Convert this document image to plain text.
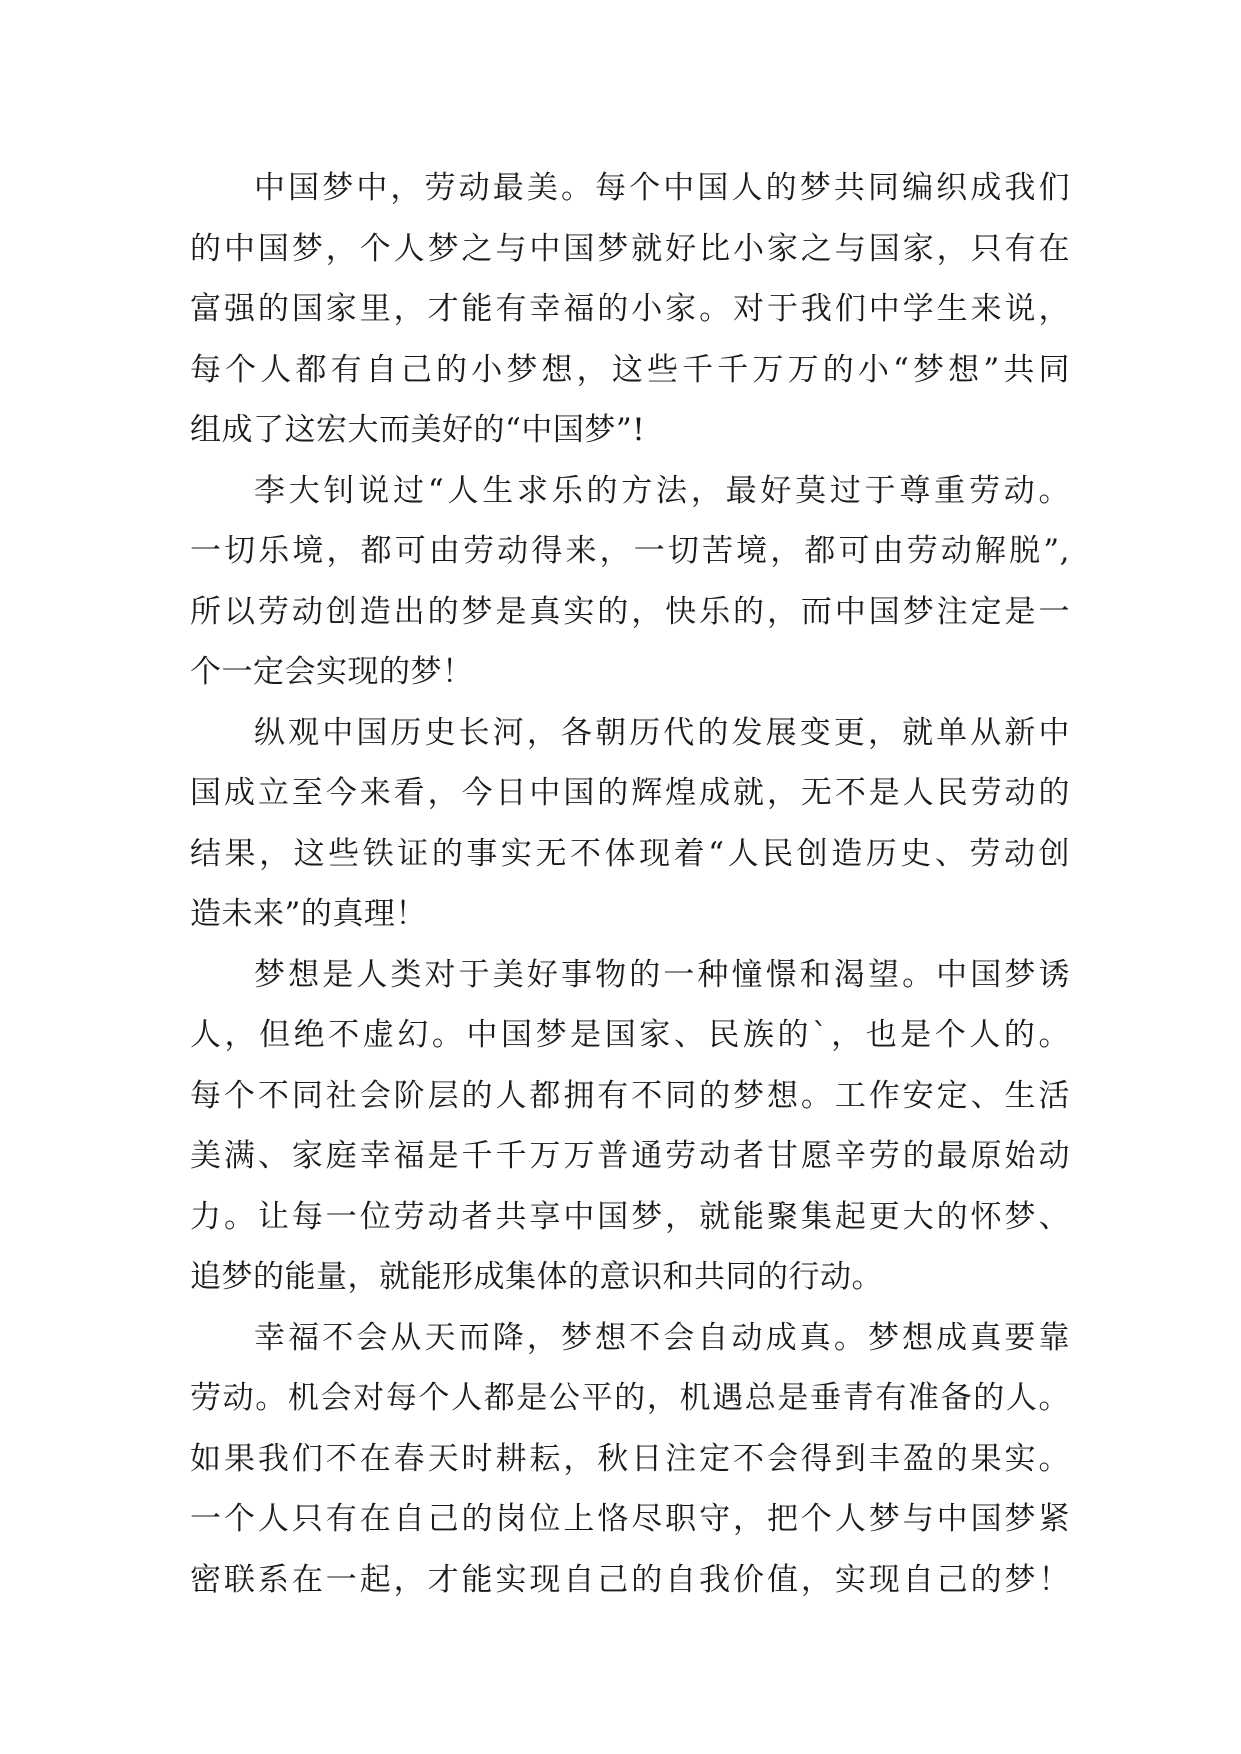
中国梦中，劳动最美。每个中国人的梦共同编织成我们
的中国梦，个人梦之与中国梦就好比小家之与国家，只有在
富强的国家里，才能有幸福的小家。对于我们中学生来说，
每个人都有自己的小梦想，这些千千万万的小“梦想”共同
组成了这宏大而美好的“中国梦”!
李大钊说过“人生求乐的方法，最好莫过于尊重劳动。
一切乐境，都可由劳动得来，一切苦境，都可由劳动解脱”,
所以劳动创造出的梦是真实的，快乐的，而中国梦注定是一
个一定会实现的梦！
纵观中国历史长河，各朝历代的发展变更，就单从新中
国成立至今来看，今日中国的辉煌成就，无不是人民劳动的
结果，这些铁证的事实无不体现着“人民创造历史、劳动创
造未来”的真理！
梦想是人类对于美好事物的一种憧憬和渴望。中国梦诱
人，但绝不虚幻。中国梦是国家、民族的`，也是个人的。
每个不同社会阶层的人都拥有不同的梦想。工作安定、生活
美满、家庭幸福是千千万万普通劳动者甘愿辛劳的最原始动
力。让每一位劳动者共享中国梦，就能聚集起更大的怀梦、
追梦的能量，就能形成集体的意识和共同的行动。
幸福不会从天而降，梦想不会自动成真。梦想成真要靠
劳动。机会对每个人都是公平的，机遇总是垂青有准备的人。
如果我们不在春天时耕耘，秋日注定不会得到丰盈的果实。
一个人只有在自己的岗位上恪尽职守，把个人梦与中国梦紧
密联系在一起，才能实现自己的自我价值，实现自己的梦！
